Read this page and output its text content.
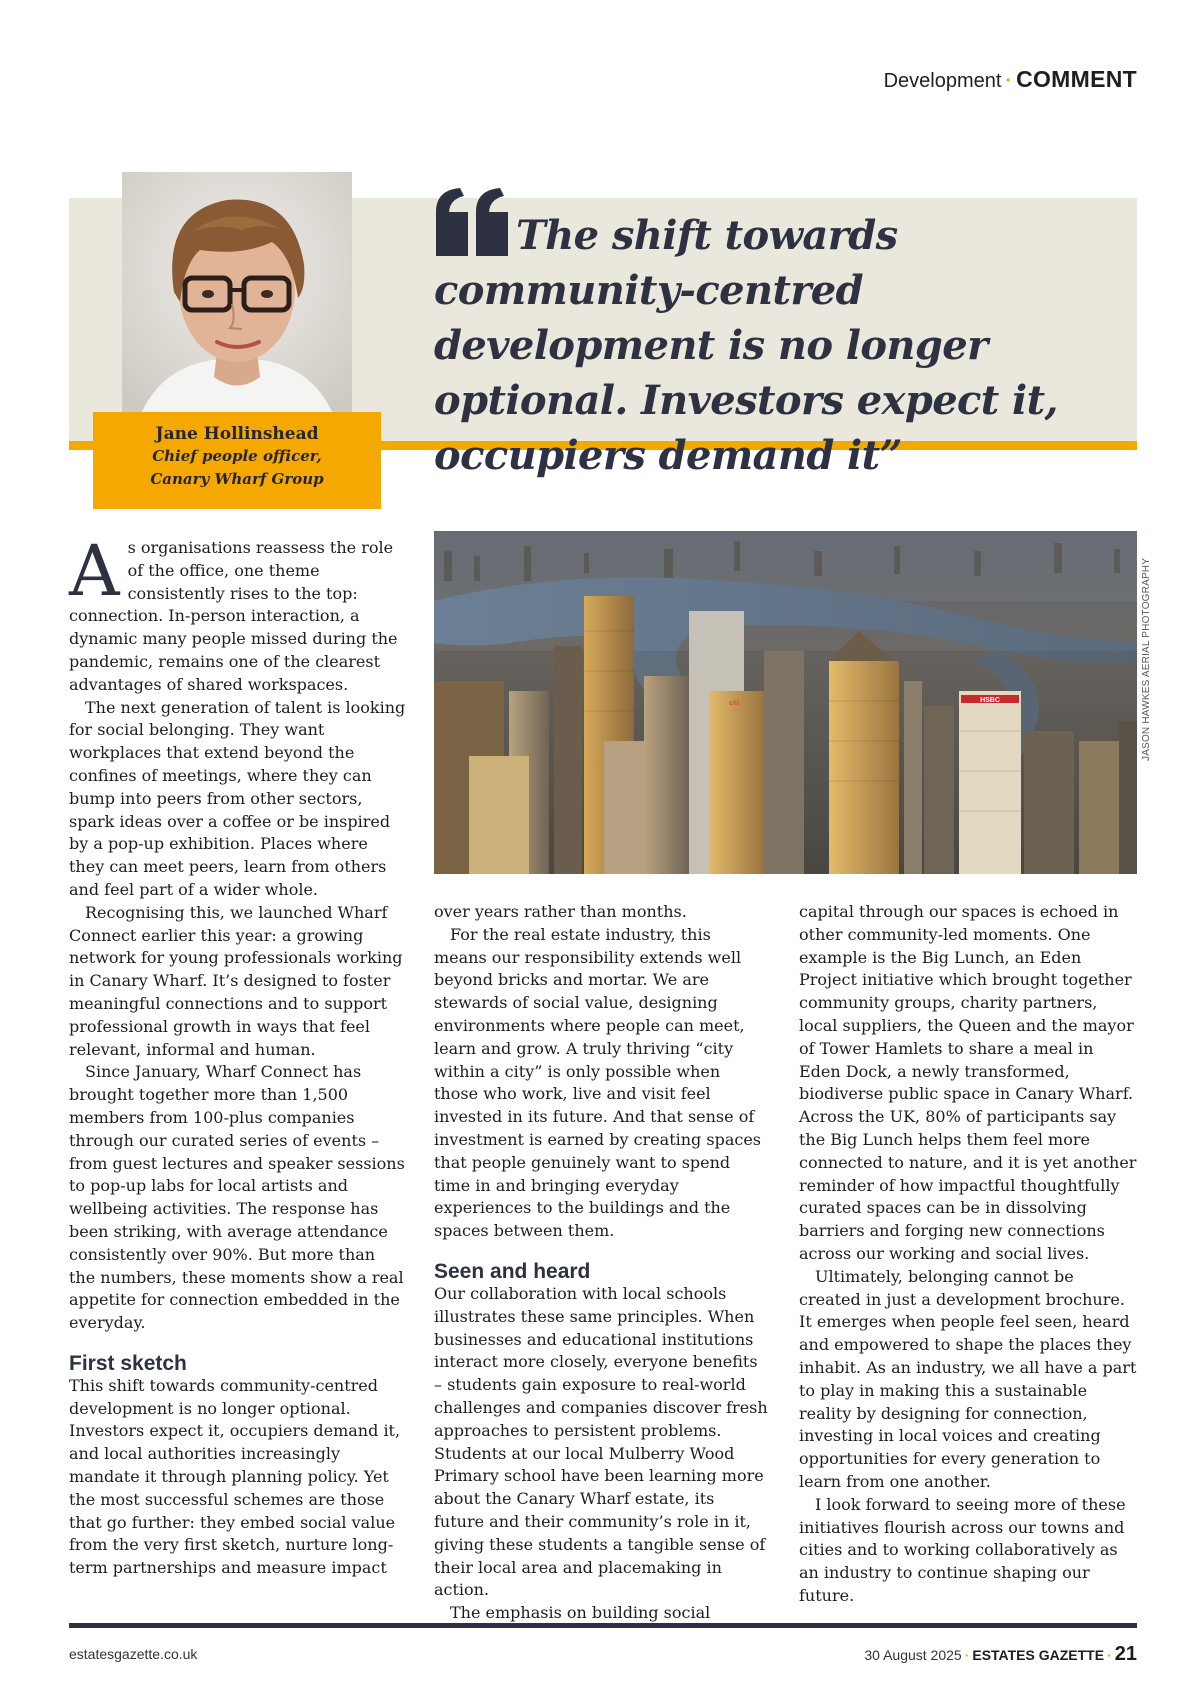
Development · COMMENT

The shift towards community-centred development is no longer optional. Investors expect it, occupiers demand it”

Jane Hollinshead
Chief people officer,
Canary Wharf Group

As organisations reassess the role of the office, one theme consistently rises to the top: connection. In-person interaction, a dynamic many people missed during the pandemic, remains one of the clearest advantages of shared workspaces.

The next generation of talent is looking for social belonging. They want workplaces that extend beyond the confines of meetings, where they can bump into peers from other sectors, spark ideas over a coffee or be inspired by a pop-up exhibition. Places where they can meet peers, learn from others and feel part of a wider whole.

Recognising this, we launched Wharf Connect earlier this year: a growing network for young professionals working in Canary Wharf. It’s designed to foster meaningful connections and to support professional growth in ways that feel relevant, informal and human.

Since January, Wharf Connect has brought together more than 1,500 members from 100-plus companies through our curated series of events – from guest lectures and speaker sessions to pop-up labs for local artists and wellbeing activities. The response has been striking, with average attendance consistently over 90%. But more than the numbers, these moments show a real appetite for connection embedded in the everyday.

First sketch

This shift towards community-centred development is no longer optional. Investors expect it, occupiers demand it, and local authorities increasingly mandate it through planning policy. Yet the most successful schemes are those that go further: they embed social value from the very first sketch, nurture long-term partnerships and measure impact

HSBC
citi	JASON HAWKES AERIAL PHOTOGRAPHY

over years rather than months.

For the real estate industry, this means our responsibility extends well beyond bricks and mortar. We are stewards of social value, designing environments where people can meet, learn and grow. A truly thriving “city within a city” is only possible when those who work, live and visit feel invested in its future. And that sense of investment is earned by creating spaces that people genuinely want to spend time in and bringing everyday experiences to the buildings and the spaces between them.

Seen and heard

Our collaboration with local schools illustrates these same principles. When businesses and educational institutions interact more closely, everyone benefits – students gain exposure to real-world challenges and companies discover fresh approaches to persistent problems. Students at our local Mulberry Wood Primary school have been learning more about the Canary Wharf estate, its future and their community’s role in it, giving these students a tangible sense of their local area and placemaking in action.

The emphasis on building social

capital through our spaces is echoed in other community-led moments. One example is the Big Lunch, an Eden Project initiative which brought together community groups, charity partners, local suppliers, the Queen and the mayor of Tower Hamlets to share a meal in Eden Dock, a newly transformed, biodiverse public space in Canary Wharf. Across the UK, 80% of participants say the Big Lunch helps them feel more connected to nature, and it is yet another reminder of how impactful thoughtfully curated spaces can be in dissolving barriers and forging new connections across our working and social lives.

Ultimately, belonging cannot be created in just a development brochure. It emerges when people feel seen, heard and empowered to shape the places they inhabit. As an industry, we all have a part to play in making this a sustainable reality by designing for connection, investing in local voices and creating opportunities for every generation to learn from one another.

I look forward to seeing more of these initiatives flourish across our towns and cities and to working collaboratively as an industry to continue shaping our future.

estatesgazette.co.uk	30 August 2025 · ESTATES GAZETTE · 21
